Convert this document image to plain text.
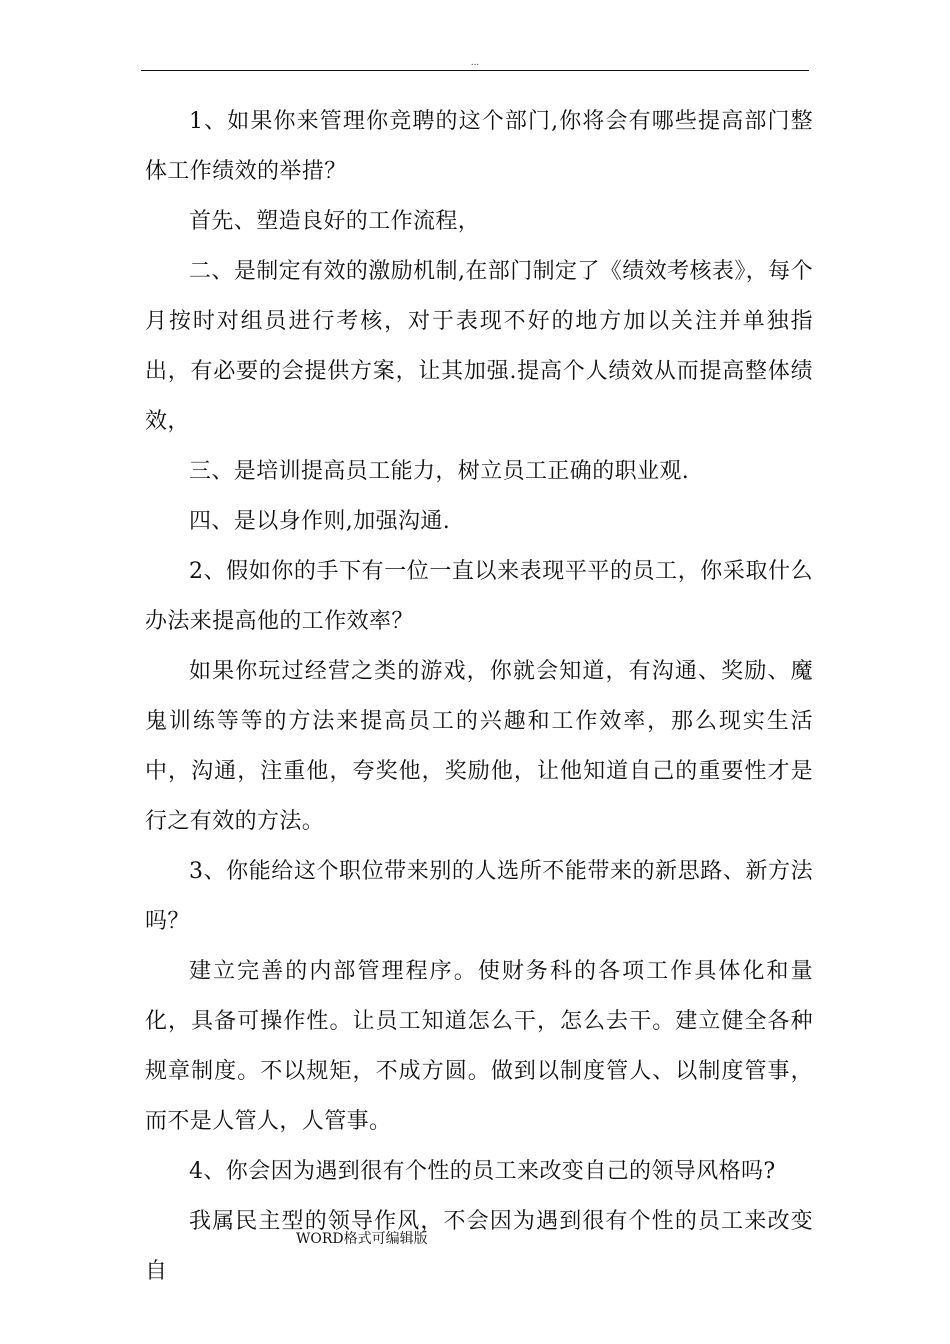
...

1、如果你来管理你竞聘的这个部门,你将会有哪些提高部门整体工作绩效的举措？

首先、塑造良好的工作流程，

二、是制定有效的激励机制,在部门制定了《绩效考核表》，每个月按时对组员进行考核，对于表现不好的地方加以关注并单独指出，有必要的会提供方案，让其加强.提高个人绩效从而提高整体绩效，

三、是培训提高员工能力，树立员工正确的职业观.

四、是以身作则,加强沟通.

2、假如你的手下有一位一直以来表现平平的员工，你采取什么办法来提高他的工作效率？

如果你玩过经营之类的游戏，你就会知道，有沟通、奖励、魔鬼训练等等的方法来提高员工的兴趣和工作效率，那么现实生活中，沟通，注重他，夸奖他，奖励他，让他知道自己的重要性才是行之有效的方法。

3、你能给这个职位带来别的人选所不能带来的新思路、新方法吗？

建立完善的内部管理程序。使财务科的各项工作具体化和量化，具备可操作性。让员工知道怎么干，怎么去干。建立健全各种规章制度。不以规矩，不成方圆。做到以制度管人、以制度管事，而不是人管人，人管事。

4、你会因为遇到很有个性的员工来改变自己的领导风格吗?

我属民主型的领导作风，不会因为遇到很有个性的员工来改变自

WORD格式可编辑版
